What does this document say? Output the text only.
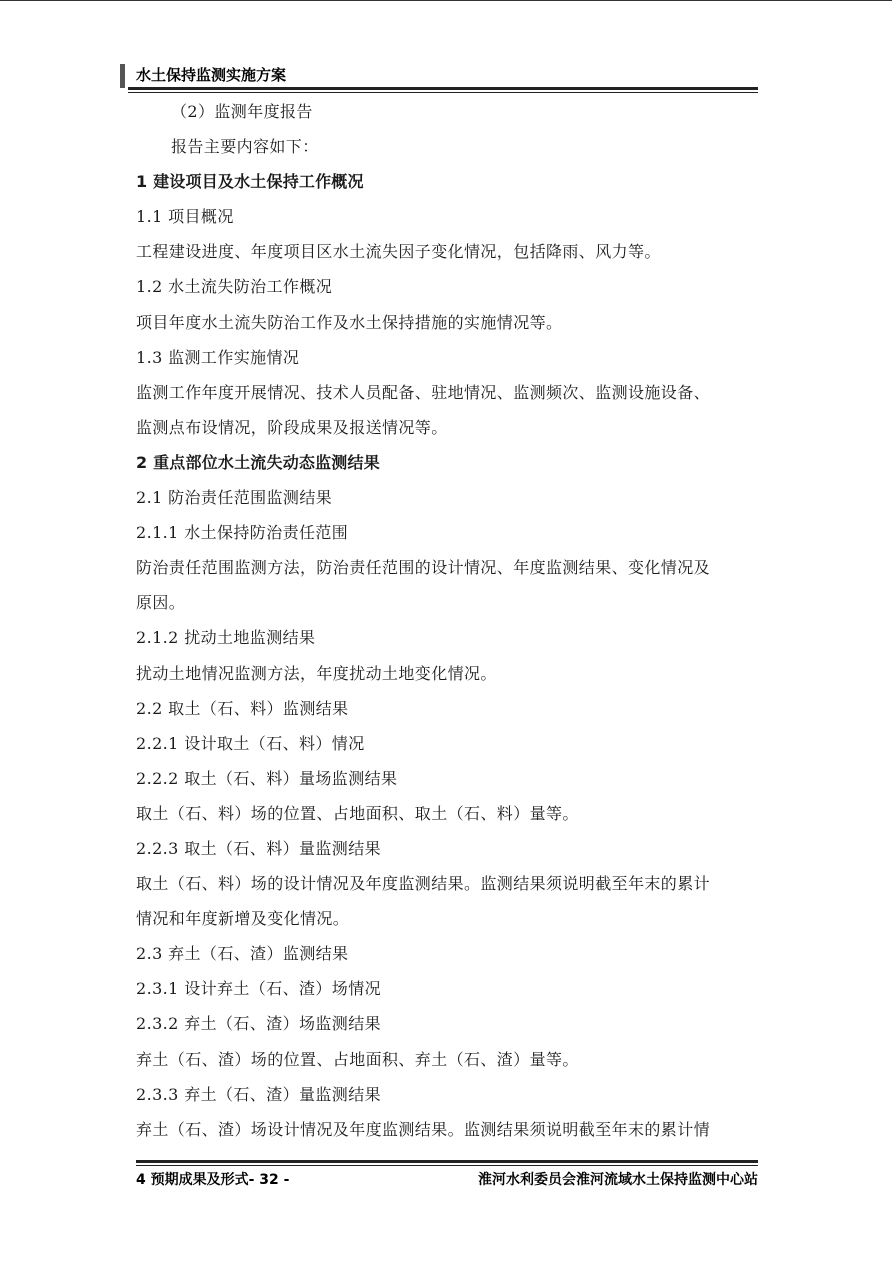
水土保持监测实施方案
（2）监测年度报告
报告主要内容如下：
1 建设项目及水土保持工作概况
1.1 项目概况
工程建设进度、年度项目区水土流失因子变化情况，包括降雨、风力等。
1.2 水土流失防治工作概况
项目年度水土流失防治工作及水土保持措施的实施情况等。
1.3 监测工作实施情况
监测工作年度开展情况、技术人员配备、驻地情况、监测频次、监测设施设备、
监测点布设情况，阶段成果及报送情况等。
2 重点部位水土流失动态监测结果
2.1 防治责任范围监测结果
2.1.1 水土保持防治责任范围
防治责任范围监测方法，防治责任范围的设计情况、年度监测结果、变化情况及
原因。
2.1.2 扰动土地监测结果
扰动土地情况监测方法，年度扰动土地变化情况。
2.2 取土（石、料）监测结果
2.2.1 设计取土（石、料）情况
2.2.2 取土（石、料）量场监测结果
取土（石、料）场的位置、占地面积、取土（石、料）量等。
2.2.3 取土（石、料）量监测结果
取土（石、料）场的设计情况及年度监测结果。监测结果须说明截至年末的累计
情况和年度新增及变化情况。
2.3 弃土（石、渣）监测结果
2.3.1 设计弃土（石、渣）场情况
2.3.2 弃土（石、渣）场监测结果
弃土（石、渣）场的位置、占地面积、弃土（石、渣）量等。
2.3.3 弃土（石、渣）量监测结果
弃土（石、渣）场设计情况及年度监测结果。监测结果须说明截至年末的累计情
4 预期成果及形式- 32 -	淮河水利委员会淮河流域水土保持监测中心站
